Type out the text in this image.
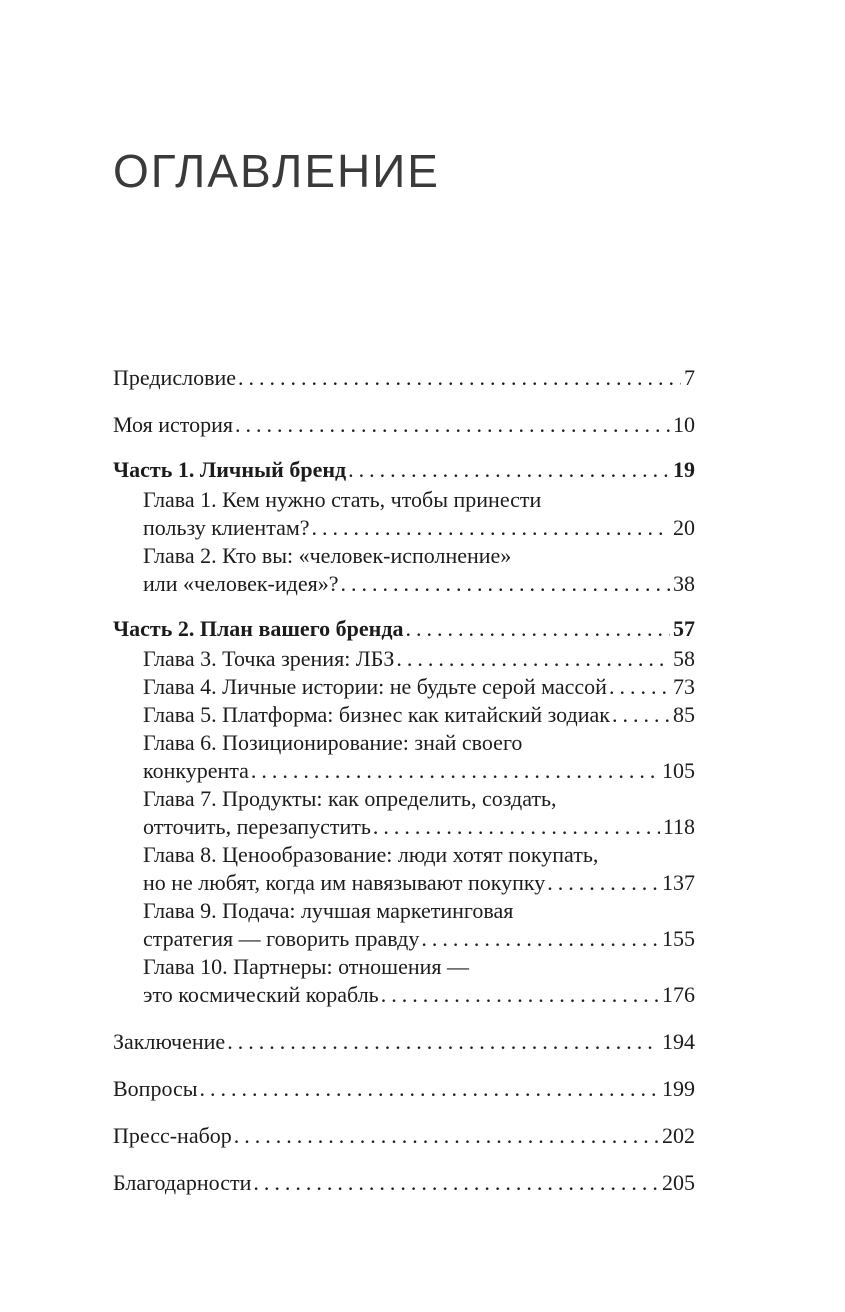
ОГЛАВЛЕНИЕ
Предисловие .....	7
Моя история .....	10
Часть 1. Личный бренд .....	19
Глава 1. Кем нужно стать, чтобы принести
пользу клиентам? .....	20
Глава 2. Кто вы: «человек-исполнение»
или «человек-идея»? .....	38
Часть 2. План вашего бренда .....	57
Глава 3. Точка зрения: ЛБЗ .....	58
Глава 4. Личные истории: не будьте серой массой .....	73
Глава 5. Платформа: бизнес как китайский зодиак .....	85
Глава 6. Позиционирование: знай своего
конкурента .....	105
Глава 7. Продукты: как определить, создать,
отточить, перезапустить .....	118
Глава 8. Ценообразование: люди хотят покупать,
но не любят, когда им навязывают покупку .....	137
Глава 9. Подача: лучшая маркетинговая
стратегия — говорить правду .....	155
Глава 10. Партнеры: отношения —
это космический корабль .....	176
Заключение .....	194
Вопросы .....	199
Пресс-набор .....	202
Благодарности .....	205
